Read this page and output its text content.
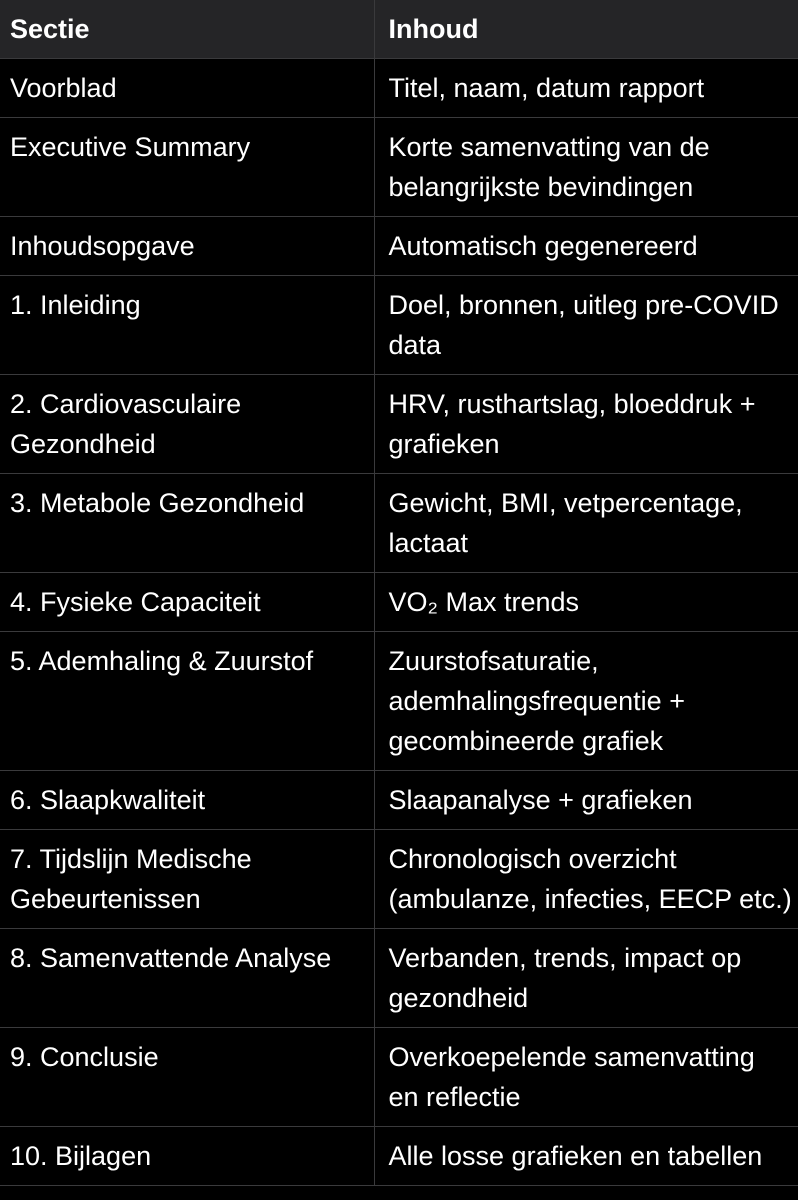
Sectie	Inhoud
Voorblad	Titel, naam, datum rapport
Executive Summary	Korte samenvatting van de belangrijkste bevindingen
Inhoudsopgave	Automatisch gegenereerd
1. Inleiding	Doel, bronnen, uitleg pre-COVID data
2. Cardiovasculaire Gezondheid	HRV, rusthartslag, bloeddruk + grafieken
3. Metabole Gezondheid	Gewicht, BMI, vetpercentage, lactaat
4. Fysieke Capaciteit	VO₂ Max trends
5. Ademhaling & Zuurstof	Zuurstofsaturatie, ademhalingsfrequentie + gecombineerde grafiek
6. Slaapkwaliteit	Slaapanalyse + grafieken
7. Tijdslijn Medische Gebeurtenissen	Chronologisch overzicht (ambulanze, infecties, EECP etc.)
8. Samenvattende Analyse	Verbanden, trends, impact op gezondheid
9. Conclusie	Overkoepelende samenvatting en reflectie
10. Bijlagen	Alle losse grafieken en tabellen
